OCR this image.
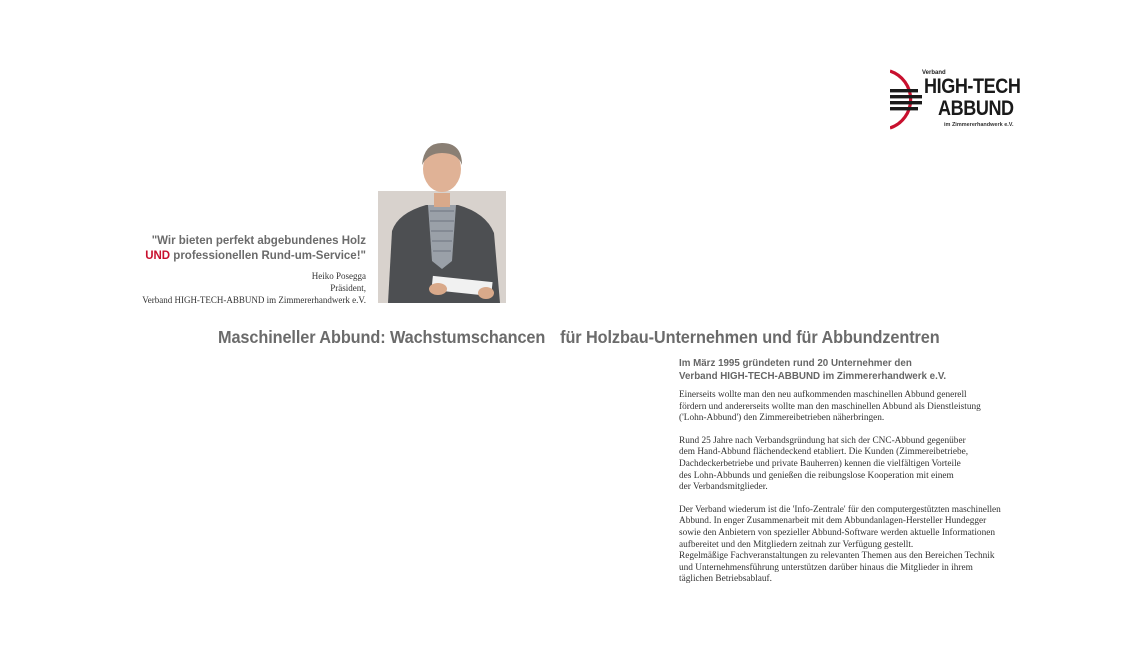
Verband
HIGH-TECH
ABBUND
im Zimmererhandwerk e.V.
"Wir bieten perfekt abgebundenes Holz
UND professionellen Rund-um-Service!"
Heiko Posegga
Präsident,
Verband HIGH-TECH-ABBUND im Zimmererhandwerk e.V.
Maschineller Abbund: Wachstumschancen für Holzbau-Unternehmen und für Abbundzentren
Im März 1995 gründeten rund 20 Unternehmer den
Verband HIGH-TECH-ABBUND im Zimmererhandwerk e.V.
Einerseits wollte man den neu aufkommenden maschinellen Abbund generell
fördern und andererseits wollte man den maschinellen Abbund als Dienstleistung
('Lohn-Abbund') den Zimmereibetrieben näherbringen.
Rund 25 Jahre nach Verbandsgründung hat sich der CNC-Abbund gegenüber
dem Hand-Abbund flächendeckend etabliert. Die Kunden (Zimmereibetriebe,
Dachdeckerbetriebe und private Bauherren) kennen die vielfältigen Vorteile
des Lohn-Abbunds und genießen die reibungslose Kooperation mit einem
der Verbandsmitglieder.
Der Verband wiederum ist die 'Info-Zentrale' für den computergestützten maschinellen
Abbund. In enger Zusammenarbeit mit dem Abbundanlagen-Hersteller Hundegger
sowie den Anbietern von spezieller Abbund-Software werden aktuelle Informationen
aufbereitet und den Mitgliedern zeitnah zur Verfügung gestellt.
Regelmäßige Fachveranstaltungen zu relevanten Themen aus den Bereichen Technik
und Unternehmensführung unterstützen darüber hinaus die Mitglieder in ihrem
täglichen Betriebsablauf.
